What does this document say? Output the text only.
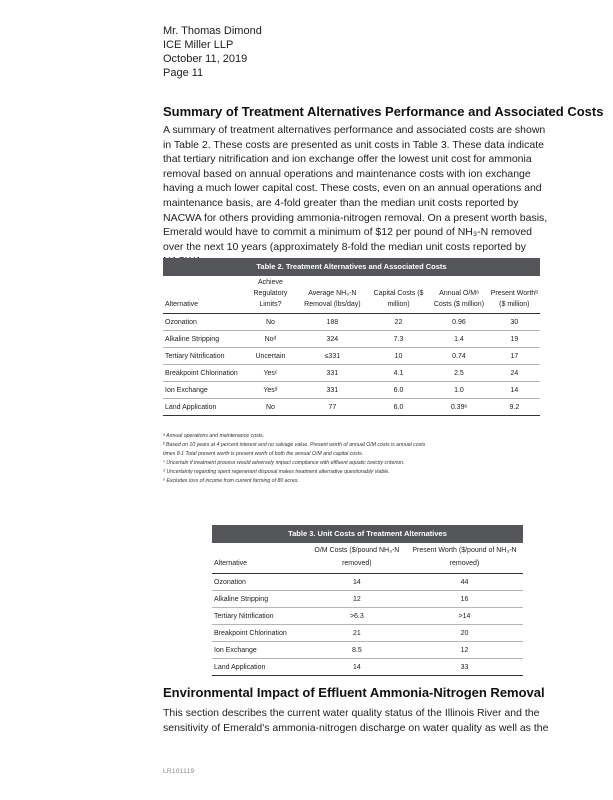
Mr. Thomas Dimond
ICE Miller LLP
October 11, 2019
Page 11
Summary of Treatment Alternatives Performance and Associated Costs

A summary of treatment alternatives performance and associated costs are shown in Table 2. These costs are presented as unit costs in Table 3. These data indicate that tertiary nitrification and ion exchange offer the lowest unit cost for ammonia removal based on annual operations and maintenance costs with ion exchange having a much lower capital cost. These costs, even on an annual operations and maintenance basis, are 4-fold greater than the median unit costs reported by NACWA for others providing ammonia-nitrogen removal. On a present worth basis, Emerald would have to commit a minimum of $12 per pound of NH₃-N removed over the next 10 years (approximately 8-fold the median unit costs reported by

Table 2. Treatment Alternatives and Associated Costs
Alternative	Achieve Regulatory Limits?	Average NH₃-N Removal (lbs/day)	Capital Costs ($ million)	Annual O/Mᵃ Costs ($ million)	Present Worthᵇ ($ million)
Ozonation	No	188	22	0.96	30
Alkaline Stripping	Noᵈ	324	7.3	1.4	19
Tertiary Nitrification	Uncertain	≤331	10	0.74	17
Breakpoint Chlorination	Yesᶜ	331	4.1	2.5	24
Ion Exchange	Yesᵈ	331	6.0	1.0	14
Land Application	No	77	6.0	0.39ᵉ	9.2
ᵃ Annual operations and maintenance costs.
ᵇ Based on 10 years at 4 percent interest and no salvage value. Present worth of annual O/M costs is annual costs
times 8.1 Total present worth is present worth of both the annual O/M and capital costs.
ᶜ Uncertain if treatment process would adversely impact compliance with effluent aquatic toxicity criterion.
ᵈ Uncertainty regarding spent regenerant disposal makes treatment alternative questionably viable.
ᵉ Excludes loss of income from current farming of 80 acres.
Table 3. Unit Costs of Treatment Alternatives
Alternative	O/M Costs ($/pound NH₃-N removed)	Present Worth ($/pound of NH₃-N removed)
Ozonation	14	44
Alkaline Stripping	12	16
Tertiary Nitrification	>6.3	>14
Breakpoint Chlorination	21	20
Ion Exchange	8.5	12
Land Application	14	33
Environmental Impact of Effluent Ammonia-Nitrogen Removal

This section describes the current water quality status of the Illinois River and the sensitivity of Emerald's ammonia-nitrogen discharge on water quality as well as the

LR101119
